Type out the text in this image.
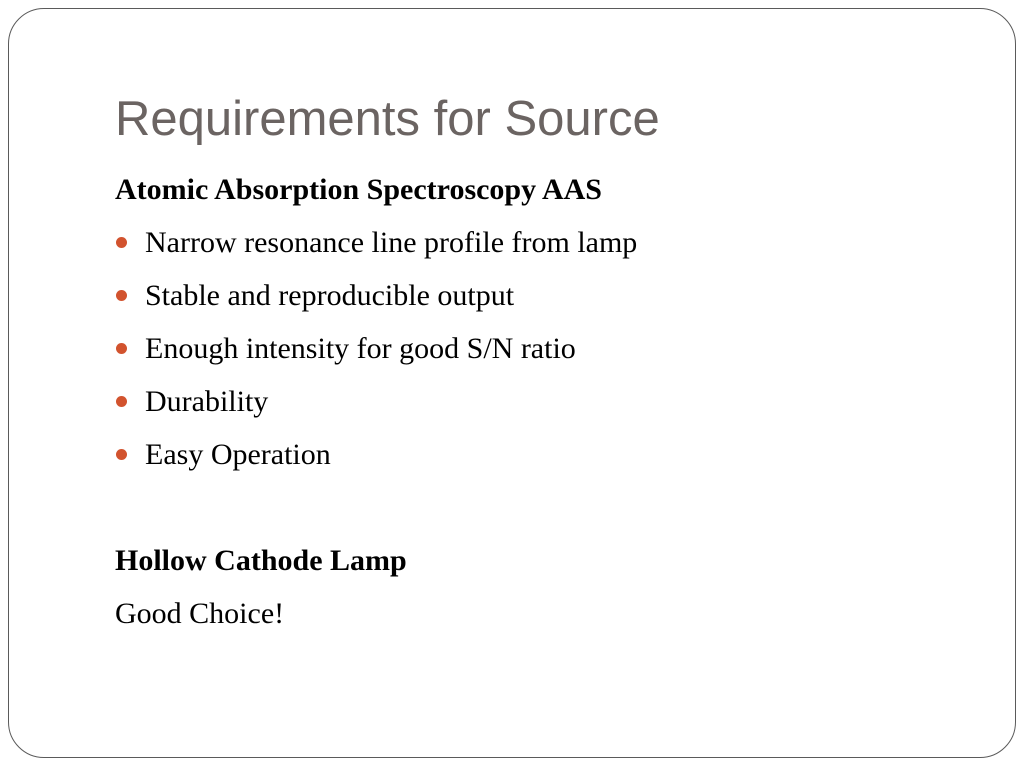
Requirements for Source

Atomic Absorption Spectroscopy AAS

Narrow resonance line profile from lamp
Stable and reproducible output
Enough intensity for good S/N ratio
Durability
Easy Operation

Hollow Cathode Lamp

Good Choice!
